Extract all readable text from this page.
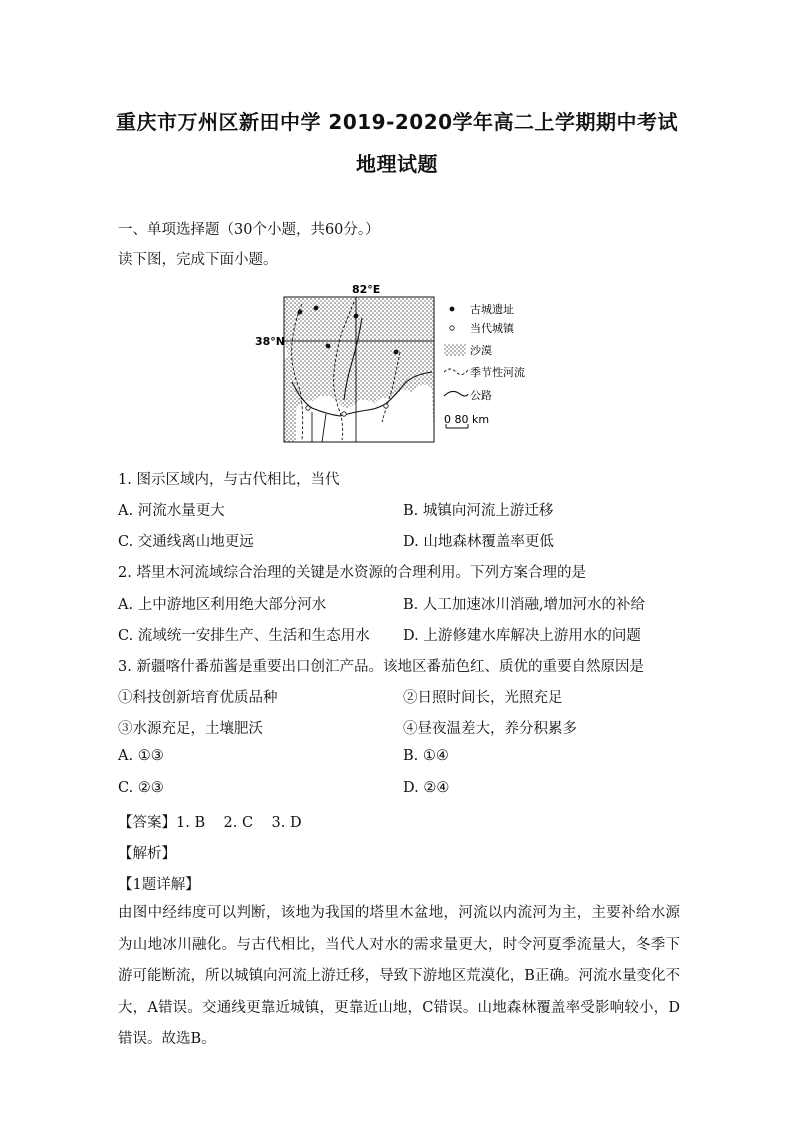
重庆市万州区新田中学 2019-2020学年高二上学期期中考试
地理试题
一、单项选择题（30个小题，共60分。）
读下图，完成下面小题。
82°E
38°N
古城遗址
当代城镇
沙漠
季节性河流
公路
0 80 km
1. 图示区域内，与古代相比，当代
A. 河流水量更大	B. 城镇向河流上游迁移
C. 交通线离山地更远	D. 山地森林覆盖率更低
2. 塔里木河流域综合治理的关键是水资源的合理利用。下列方案合理的是
A. 上中游地区利用绝大部分河水	B. 人工加速冰川消融,增加河水的补给
C. 流域统一安排生产、生活和生态用水 D. 上游修建水库解决上游用水的问题
3. 新疆喀什番茄酱是重要出口创汇产品。该地区番茄色红、质优的重要自然原因是
①科技创新培育优质品种	②日照时间长，光照充足
③水源充足，土壤肥沃	④昼夜温差大，养分积累多
A. ①③	B. ①④
C. ②③	D. ②④
【答案】1. B    2. C    3. D
【解析】
【1题详解】
由图中经纬度可以判断，该地为我国的塔里木盆地，河流以内流河为主，主要补给水源为山地冰川融化。与古代相比，当代人对水的需求量更大，时令河夏季流量大，冬季下游可能断流，所以城镇向河流上游迁移，导致下游地区荒漠化，B正确。河流水量变化不大，A错误。交通线更靠近城镇，更靠近山地，C错误。山地森林覆盖率受影响较小，D错误。故选B。
